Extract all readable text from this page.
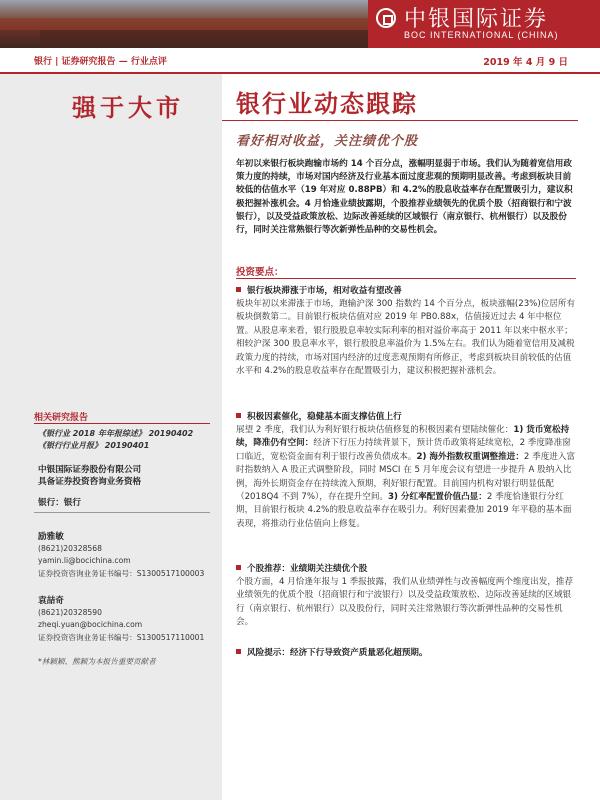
中银国际证券
BOC INTERNATIONAL (CHINA)
银行 | 证券研究报告 — 行业点评	2019 年 4 月 9 日
强于大市 银行业动态跟踪
看好相对收益，关注绩优个股
年初以来银行板块跑输市场约 14 个百分点，涨幅明显弱于市场。我们认为随着宽信用政策力度的持续，市场对国内经济及行业基本面过度悲观的预期明显改善。考虑到板块目前较低的估值水平（19 年对应 0.88PB）和 4.2%的股息收益率存在配置吸引力，建议积极把握补涨机会。4 月恰逢业绩披露期，个股推荐业绩领先的优质个股（招商银行和宁波银行），以及受益政策放松、边际改善延续的区域银行（南京银行、杭州银行）以及股份行，同时关注常熟银行等次新弹性品种的交易性机会。
投资要点：
银行板块滞涨于市场，相对收益有望改善
板块年初以来滞涨于市场，跑输沪深 300 指数约 14 个百分点，板块涨幅(23%)位居所有板块倒数第二。目前银行板块估值对应 2019 年 PB0.88x，估值接近过去 4 年中枢位置。从股息率来看，银行股股息率较实际利率的相对溢价率高于 2011 年以来中枢水平；相较沪深 300 股息率水平，银行股股息率溢价为 1.5%左右。我们认为随着宽信用及减税政策力度的持续，市场对国内经济的过度悲观预期有所修正，考虑到板块目前较低的估值水平和 4.2%的股息收益率存在配置吸引力，建议积极把握补涨机会。
积极因素催化，稳健基本面支撑估值上行
展望 2 季度，我们认为利好银行板块估值修复的积极因素有望陆续催化：1) 货币宽松持续，降准仍有空间：经济下行压力持续背景下，预计货币政策将延续宽松，2 季度降准窗口临近，宽松资金面有利于银行改善负债成本。2) 海外指数权重调整推进：2 季度进入富时指数纳入 A 股正式调整阶段，同时 MSCI 在 5 月年度会议有望进一步提升 A 股纳入比例，海外长期资金存在持续流入预期，利好银行配置。目前国内机构对银行明显低配（2018Q4 不到 7%），存在提升空间。3) 分红率配置价值凸显：2 季度恰逢银行分红期，目前银行板块 4.2%的股息收益率存在吸引力。利好因素叠加 2019 年平稳的基本面表现，将推动行业估值向上修复。
个股推荐：业绩期关注绩优个股
个股方面，4 月恰逢年报与 1 季报披露，我们从业绩弹性与改善幅度两个维度出发，推荐业绩领先的优质个股（招商银行和宁波银行）以及受益政策放松、边际改善延续的区域银行（南京银行、杭州银行）以及股份行，同时关注常熟银行等次新弹性品种的交易性机会。
风险提示：经济下行导致资产质量恶化超预期。
相关研究报告
《银行业 2018 年年报综述》 20190402
《银行行业月报》 20190401
中银国际证券股份有限公司
具备证券投资咨询业务资格
银行：银行
励雅敏
(8621)20328568
yamin.li@bocichina.com
证券投资咨询业务证书编号：S1300517100003
袁喆奇
(8621)20328590
zheqi.yuan@bocichina.com
证券投资咨询业务证书编号：S1300517110001
*林颖颖、熊颖为本报告重要贡献者
